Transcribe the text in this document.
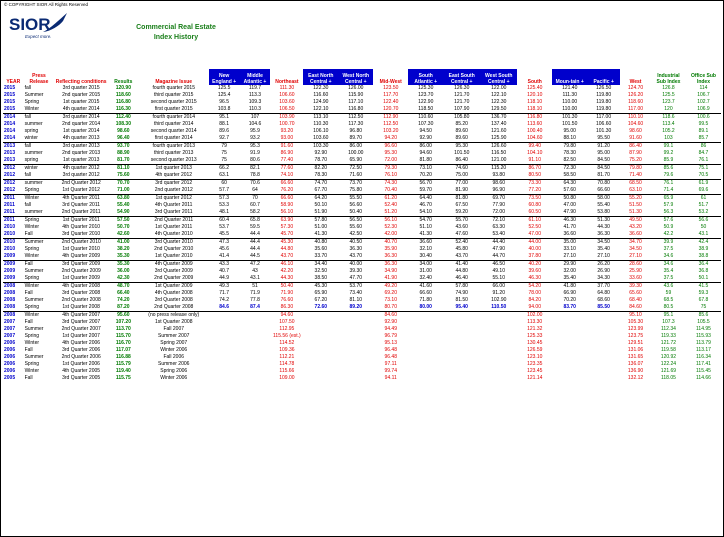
© COPYRIGHT SIOR All Rights Reserved
SIOR
Expect more.
Commercial Real Estate
Index History
YEAR	Press Release	Reflecting conditions	Results	Magazine Issue	New England +	Middle Atlantic +	Northeast	East North Central +	West North Central +	Mid-West	South Atlantic +	East South Central +	West South Central +	South	Moun-tain +	Pacific +	West	Industrial Sub Index	Office Sub Index
2015	fall	3rd quarter 2015	120.90	fourth quarter 2015	125.5	119.7	111.30	122.30	126.00	123.50	125.30	126.30	122.00	125.40	121.40	126.50	124.70	126.8	114
2015	Summer	2nd quarter 2015	118.60	third quarter 2015	125.4	113.3	106.60	116.60	115.90	117.70	123.70	121.70	122.10	120.10	111.30	119.80	126.20	125.5	106.7
2015	Spring	1st quarter 2015	116.80	second quarter 2015	96.5	109.3	103.60	124.90	117.10	122.40	122.90	121.70	122.30	118.10	110.00	119.80	118.60	123.7	102.7
2015	Winter	4th quarter 2014	116.30	first quarter 2015	103.8	110.3	106.50	122.10	116.80	120.70	118.50	107.90	129.50	118.10	110.00	119.80	117.00	120	106.9
2014	fall	3rd quarter 2014	112.40	fourth quarter 2014	95.1	107	103.90	113.10	112.50	112.90	110.60	105.80	136.70	116.80	101.30	117.00	110.10	118.6	100.6
2014	summer	2nd quarter 2014	108.30	third quarter 2014	88.1	104.6	100.70	110.30	117.30	112.50	107.30	85.20	137.40	113.60	101.50	106.60	104.60	113.4	99.5
2014	spring	1st quarter 2014	98.60	second quarter 2014	89.6	95.9	93.20	106.10	96.80	103.20	94.50	89.60	121.60	100.40	95.00	101.30	98.60	105.2	89.1
2014	winter	4th quarter 2013	96.40	first quarter 2014	92.7	93.2	93.00	103.60	89.70	94.20	92.90	89.60	125.90	104.60	88.10	95.50	91.60	103	85.7
2013	fall	3rd quarter 2013	93.70	fourth quarter 2013	79	95.3	91.60	103.30	86.00	96.60	86.00	95.30	126.60	99.40	79.80	91.20	86.40	99.1	86
2013	summer	2nd quarter 2013	88.90	third quarter 2013	75	91.9	86.90	92.90	100.00	95.30	94.60	101.50	116.50	104.10	78.30	95.00	87.90	99.2	84.7
2013	spring	1st quarter 2013	81.70	second quarter 2013	75	80.6	77.40	78.70	65.90	72.00	81.80	86.40	121.00	91.10	82.50	84.50	75.20	85.9	76.1
2012	winter	4th quarter 2012	81.10	1st quarter 2013	66.2	82.1	77.60	82.20	72.50	79.30	73.10	74.60	115.20	86.70	72.30	84.50	79.80	85.6	75.1
2012	fall	3rd quarter 2012	75.60	4th quarter 2012	63.1	78.8	74.10	78.30	71.60	76.10	70.20	75.00	93.80	80.50	58.50	81.70	71.40	79.6	70.5
2012	summer	2nd Quarter 2012	70.70	3rd quarter 2012	60	70.6	66.60	74.70	73.70	74.30	56.70	77.00	98.60	73.30	64.30	70.80	68.50	76.1	61.9
2012	Spring	1st Quarter 2012	71.00	2nd quarter 2012	57.7	64	76.20	67.70	75.80	70.40	59.70	81.90	96.90	77.20	57.60	66.60	63.10	71.4	69.6
2011	Winter	4th Quarter 2011	63.80	1st quarter 2012	57.3	70	66.60	64.20	55.50	61.20	64.40	81.80	69.70	73.50	50.80	58.00	55.20	65.9	61
2011	fall	3rd Quarter 2011	55.40	4th Quarter 2011	53.3	60.7	58.90	50.10	56.60	52.40	46.70	67.50	77.90	60.80	47.00	55.40	51.50	57.9	51.7
2011	summer	2nd Quarter 2011	54.90	3rd Quarter 2011	48.1	58.2	56.10	51.90	50.40	51.20	54.10	59.20	72.00	60.50	47.90	53.80	51.30	56.3	53.2
2011	Spring	1st Quarter 2011	57.50	2nd Quarter 2011	60.4	65.8	63.90	57.80	56.50	56.10	54.70	55.70	72.10	61.10	46.30	51.30	49.50	57.6	56.6
2010	Winter	4th Quarter 2010	50.70	1st Quarter 2011	53.7	59.5	57.30	51.00	55.60	52.30	51.10	43.60	63.30	52.50	41.70	44.30	43.20	50.9	50
2010	Fall	3rd Quarter 2010	42.60	4th Quarter 2010	45.5	44.4	45.70	41.30	42.50	42.00	41.30	47.60	53.40	47.00	36.60	36.30	36.60	42.2	43.1
2010	Summer	2nd Quarter 2010	41.00	3rd Quarter 2010	47.3	44.4	45.30	40.80	40.50	40.70	36.60	52.40	44.40	44.00	35.00	34.50	34.70	39.9	42.4
2010	Spring	1st Quarter 2010	38.20	2nd Quarter 2010	45.6	44.4	44.80	35.60	36.30	35.90	32.10	45.80	47.90	40.00	33.10	35.40	34.50	37.5	38.9
2009	Winter	4th Quarter 2009	35.30	1st Quarter 2010	41.4	44.5	43.70	33.70	43.70	36.30	30.40	43.70	44.70	37.80	27.10	27.10	27.10	34.6	38.8
2009	Fall	3rd Quarter 2009	35.30	4th Quarter 2009	43.3	47.2	46.10	34.40	40.00	36.30	34.00	41.40	46.50	40.20	29.90	26.20	28.60	34.6	36.4
2009	Summer	2nd Quarter 2009	36.00	3rd Quarter 2009	40.7	43	42.20	32.50	39.30	34.90	31.00	44.80	49.10	39.60	32.00	26.90	25.90	35.4	36.8
2009	Spring	1st Quarter 2009	42.30	2nd Quarter 2009	44.9	43.1	44.30	38.50	47.70	41.90	32.40	46.40	55.10	46.30	35.40	34.30	33.60	37.5	50.1
2008	Winter	4th Quarter 2008	48.70	1st Quarter 2009	49.3	51	50.40	45.30	53.70	49.20	41.60	57.80	66.00	54.20	41.80	37.70	39.30	43.6	41.5
2008	Fall	3rd Quarter 2008	66.40	4th Quarter 2008	71.7	71.9	71.90	65.90	73.40	69.20	66.60	74.90	91.20	78.00	66.90	64.80	65.60	59	59.3
2008	Summer	2nd Quarter 2008	74.20	3rd Quarter 2008	74.2	77.8	76.60	67.20	81.10	73.10	71.80	81.50	102.90	84.20	70.20	68.60	68.40	68.5	67.8
2008	Spring	1st Quarter 2008	87.20	2nd Quarter 2008	84.6	87.4	86.30	72.60	89.20	80.70	80.00	95.40	110.50	94.00	83.70	85.50	84.60	80.5	75
2008	Winter	4th Quarter 2007	95.60	(no press release only)			94.60			84.60				102.00			95.10	95.1	85.6
2007	Fall	3rd Quarter 2007	107.20	1st Quarter 2008			107.50			92.90				113.30			105.30	107.3	105.5
2007	Summer	2nd Quarter 2007	113.70	Fall 2007			112.95			94.49				121.32			123.99	112.34	114.95
2007	Spring	1st Quarter 2007	115.70	Summer 2007			115.56 (est.)			96.79				125.33			123.75	119.33	115.93
2006	Winter	4th Quarter 2006	116.70	Spring 2007			114.52			95.13				130.45			129.51	121.72	113.79
2006	Fall	3rd Quarter 2006	117.07	Winter 2006			109.36			96.48				126.59			131.06	119.58	113.17
2006	Summer	2nd Quarter 2006	116.88	Fall 2006			112.21			96.48				123.10			131.65	120.92	116.34
2006	Spring	1st Quarter 2006	115.79	Summer 2006			114.78			97.11				123.35			136.07	122.24	117.41
2006	Winter	4th Quarter 2005	119.40	Spring 2006			115.66			99.74				123.45			136.90	121.69	115.45
2005	Fall	3rd Quarter 2005	115.75	Winter 2006			109.00			94.11				121.14			132.12	118.05	114.66
